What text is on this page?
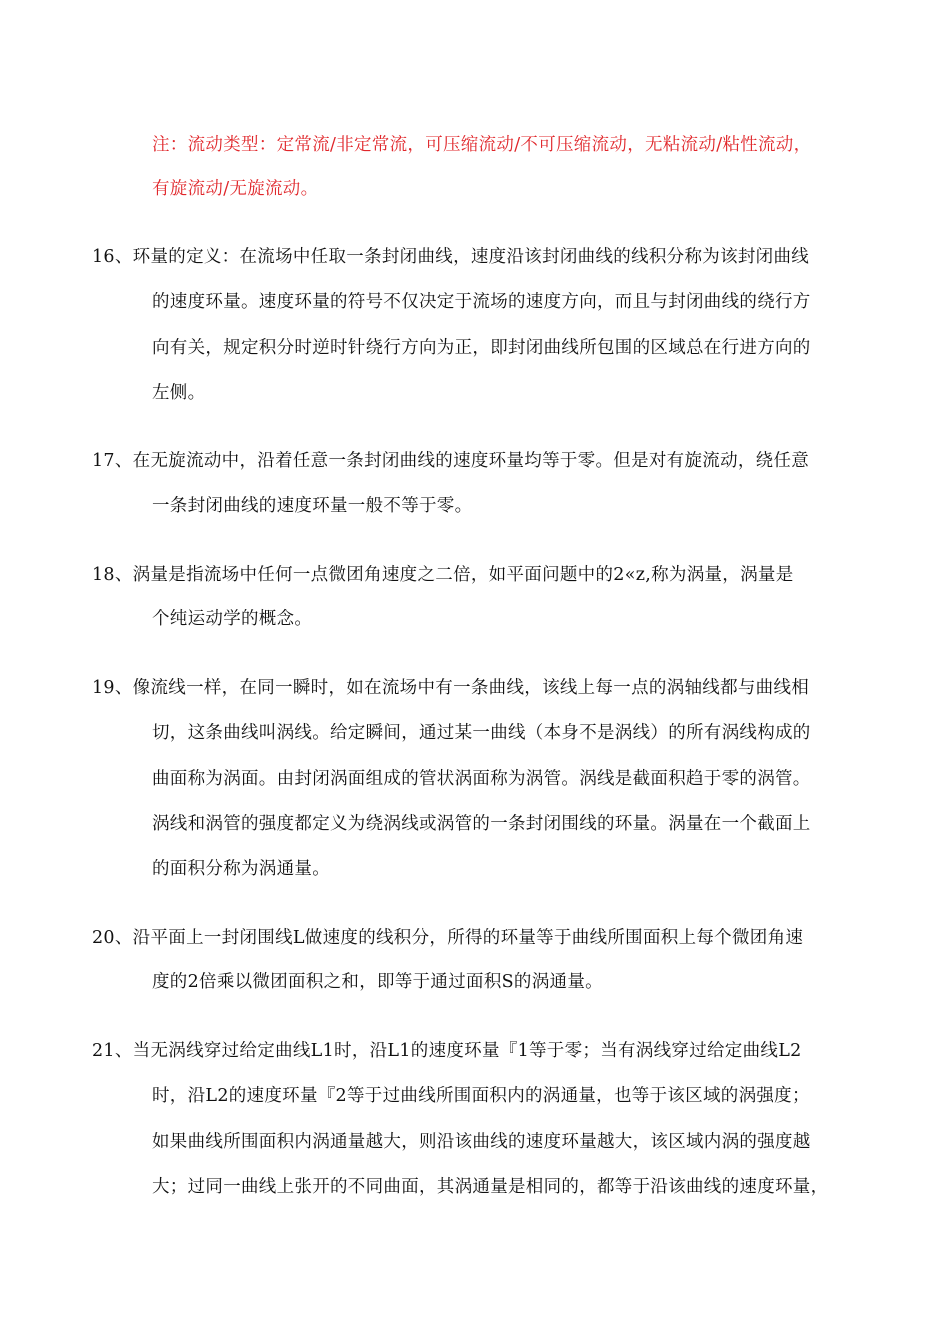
注：流动类型：定常流/非定常流，可压缩流动/不可压缩流动，无粘流动/粘性流动，
有旋流动/无旋流动。
16、环量的定义：在流场中任取一条封闭曲线，速度沿该封闭曲线的线积分称为该封闭曲线
的速度环量。速度环量的符号不仅决定于流场的速度方向，而且与封闭曲线的绕行方
向有关，规定积分时逆时针绕行方向为正，即封闭曲线所包围的区域总在行进方向的
左侧。
17、在无旋流动中，沿着任意一条封闭曲线的速度环量均等于零。但是对有旋流动，绕任意
一条封闭曲线的速度环量一般不等于零。
18、涡量是指流场中任何一点微团角速度之二倍，如平面问题中的2«z,称为涡量，涡量是
个纯运动学的概念。
19、像流线一样，在同一瞬时，如在流场中有一条曲线，该线上每一点的涡轴线都与曲线相
切，这条曲线叫涡线。给定瞬间，通过某一曲线（本身不是涡线）的所有涡线构成的
曲面称为涡面。由封闭涡面组成的管状涡面称为涡管。涡线是截面积趋于零的涡管。
涡线和涡管的强度都定义为绕涡线或涡管的一条封闭围线的环量。涡量在一个截面上
的面积分称为涡通量。
20、沿平面上一封闭围线L做速度的线积分，所得的环量等于曲线所围面积上每个微团角速
度的2倍乘以微团面积之和，即等于通过面积S的涡通量。
21、当无涡线穿过给定曲线L1时，沿L1的速度环量『1等于零；当有涡线穿过给定曲线L2
时，沿L2的速度环量『2等于过曲线所围面积内的涡通量，也等于该区域的涡强度；
如果曲线所围面积内涡通量越大，则沿该曲线的速度环量越大，该区域内涡的强度越
大；过同一曲线上张开的不同曲面，其涡通量是相同的，都等于沿该曲线的速度环量，
